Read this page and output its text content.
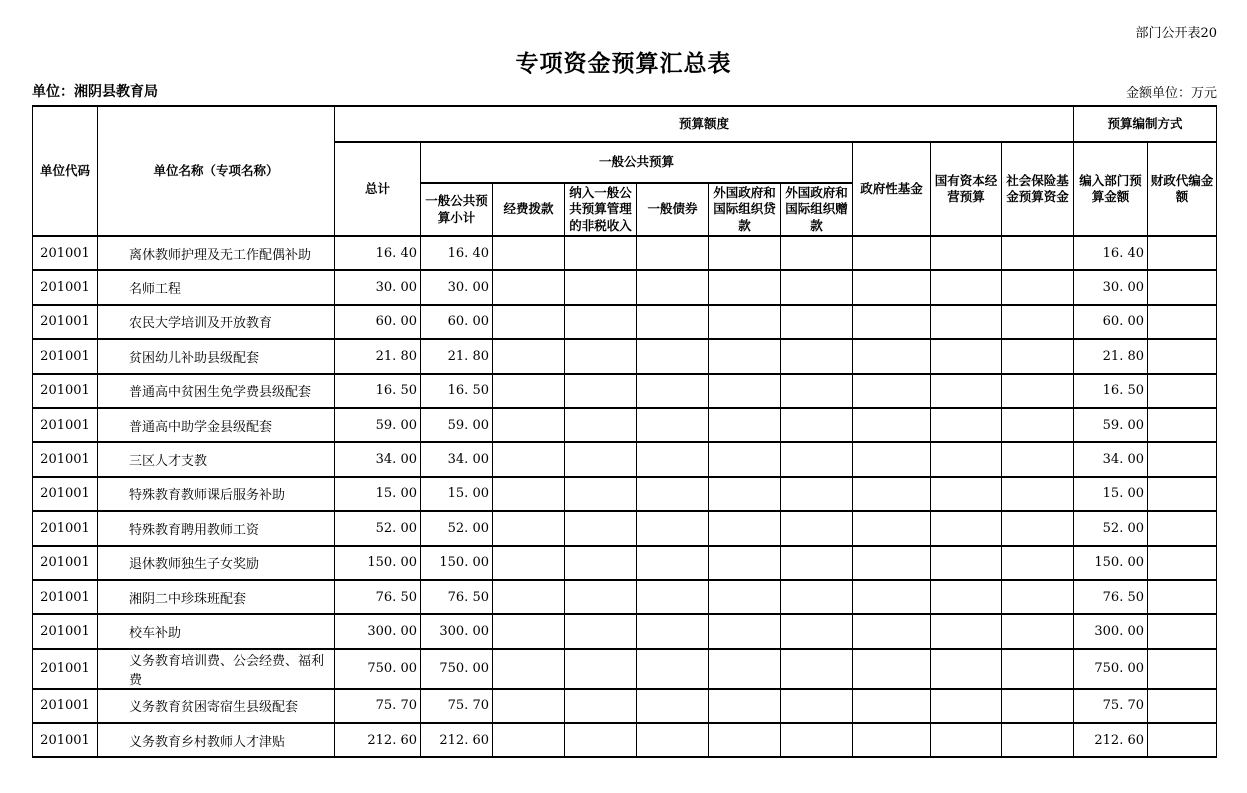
部门公开表20
专项资金预算汇总表
单位：湘阴县教育局	金额单位：万元
单位代码	单位名称（专项名称）	预算额度										预算编制方式	
		总计	一般公共预算						政府性基金	国有资本经营预算	社会保险基金预算资金	编入部门预算金额	财政代编金额
			一般公共预算小计	经费拨款	纳入一般公共预算管理的非税收入	一般债券	外国政府和国际组织贷款	外国政府和国际组织赠款					
201001	离休教师护理及无工作配偶补助	16. 40	16. 40									16. 40	
201001	名师工程	30. 00	30. 00									30. 00	
201001	农民大学培训及开放教育	60. 00	60. 00									60. 00	
201001	贫困幼儿补助县级配套	21. 80	21. 80									21. 80	
201001	普通高中贫困生免学费县级配套	16. 50	16. 50									16. 50	
201001	普通高中助学金县级配套	59. 00	59. 00									59. 00	
201001	三区人才支教	34. 00	34. 00									34. 00	
201001	特殊教育教师课后服务补助	15. 00	15. 00									15. 00	
201001	特殊教育聘用教师工资	52. 00	52. 00									52. 00	
201001	退休教师独生子女奖励	150. 00	150. 00									150. 00	
201001	湘阴二中珍珠班配套	76. 50	76. 50									76. 50	
201001	校车补助	300. 00	300. 00									300. 00	
201001	义务教育培训费、公会经费、福利费	750. 00	750. 00									750. 00	
201001	义务教育贫困寄宿生县级配套	75. 70	75. 70									75. 70	
201001	义务教育乡村教师人才津贴	212. 60	212. 60									212. 60	
